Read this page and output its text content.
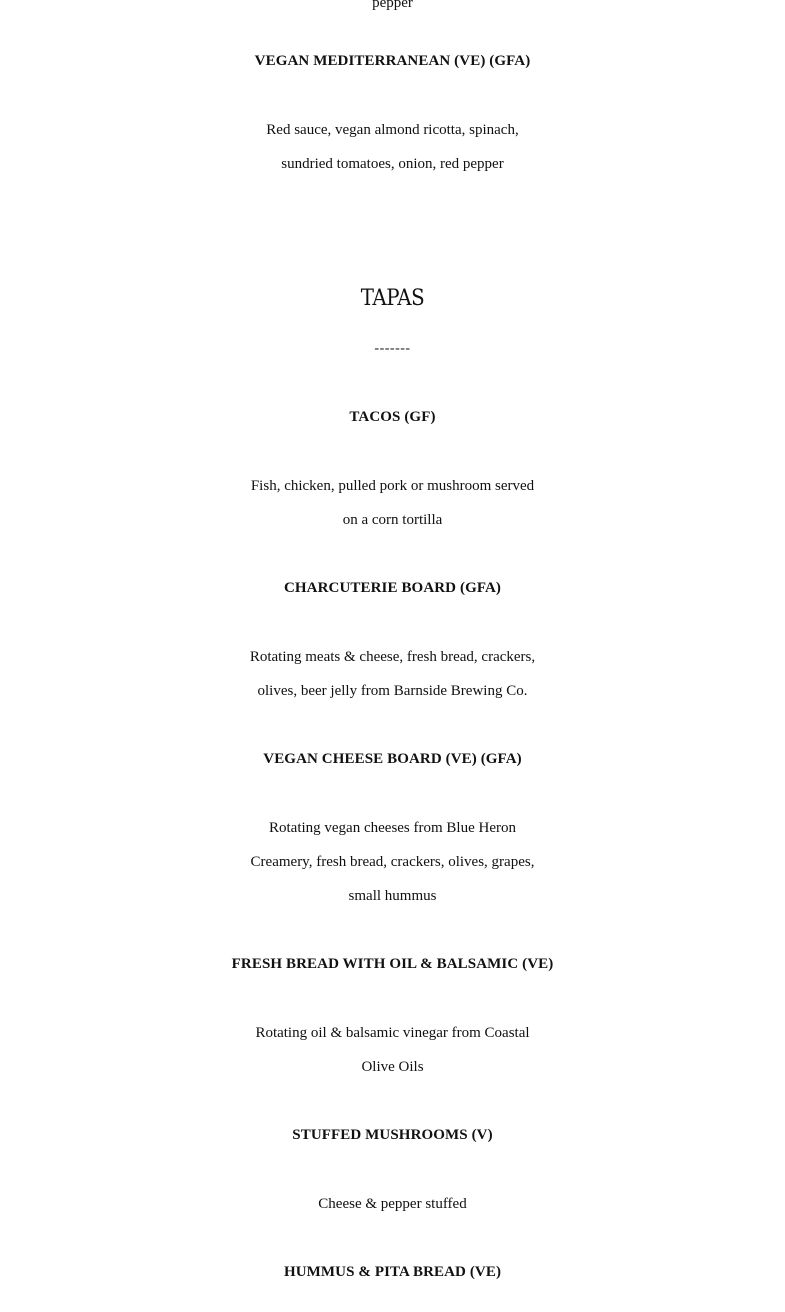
pepper
VEGAN MEDITERRANEAN (VE) (GFA)
Red sauce, vegan almond ricotta, spinach,
sundried tomatoes, onion, red pepper
TAPAS
-------
TACOS (GF)
Fish, chicken, pulled pork or mushroom served
on a corn tortilla
CHARCUTERIE BOARD (GFA)
Rotating meats & cheese, fresh bread, crackers,
olives, beer jelly from Barnside Brewing Co.
VEGAN CHEESE BOARD (VE) (GFA)
Rotating vegan cheeses from Blue Heron
Creamery, fresh bread, crackers, olives, grapes,
small hummus
FRESH BREAD WITH OIL & BALSAMIC (VE)
Rotating oil & balsamic vinegar from Coastal
Olive Oils
STUFFED MUSHROOMS (V)
Cheese & pepper stuffed
HUMMUS & PITA BREAD (VE)
